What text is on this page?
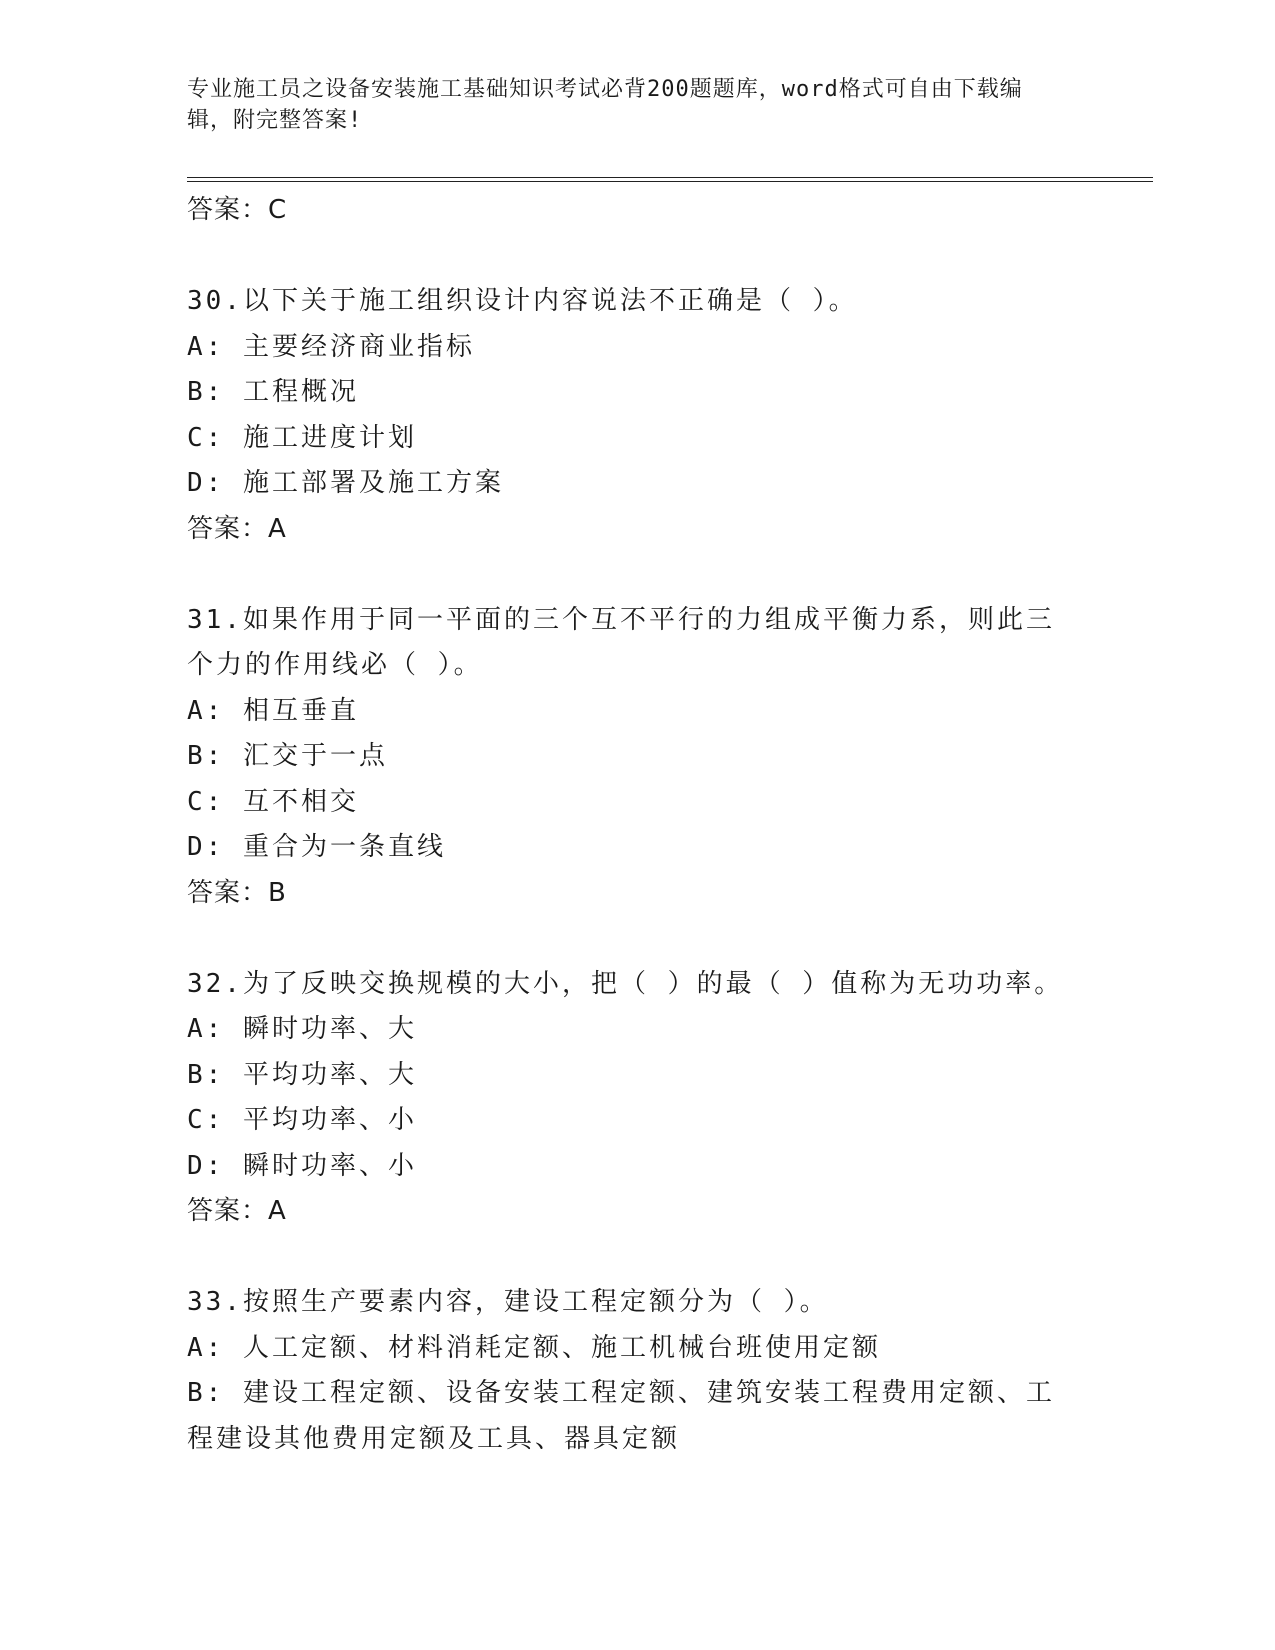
专业施工员之设备安装施工基础知识考试必背200题题库，word格式可自由下载编辑，附完整答案!
答案：C
30.以下关于施工组织设计内容说法不正确是（ ）。
A: 主要经济商业指标
B: 工程概况
C: 施工进度计划
D: 施工部署及施工方案
答案：A
31.如果作用于同一平面的三个互不平行的力组成平衡力系，则此三个力的作用线必（ ）。
A: 相互垂直
B: 汇交于一点
C: 互不相交
D: 重合为一条直线
答案：B
32.为了反映交换规模的大小，把（ ）的最（ ）值称为无功功率。
A: 瞬时功率、大
B: 平均功率、大
C: 平均功率、小
D: 瞬时功率、小
答案：A
33.按照生产要素内容，建设工程定额分为（ ）。
A: 人工定额、材料消耗定额、施工机械台班使用定额
B: 建设工程定额、设备安装工程定额、建筑安装工程费用定额、工程建设其他费用定额及工具、器具定额
